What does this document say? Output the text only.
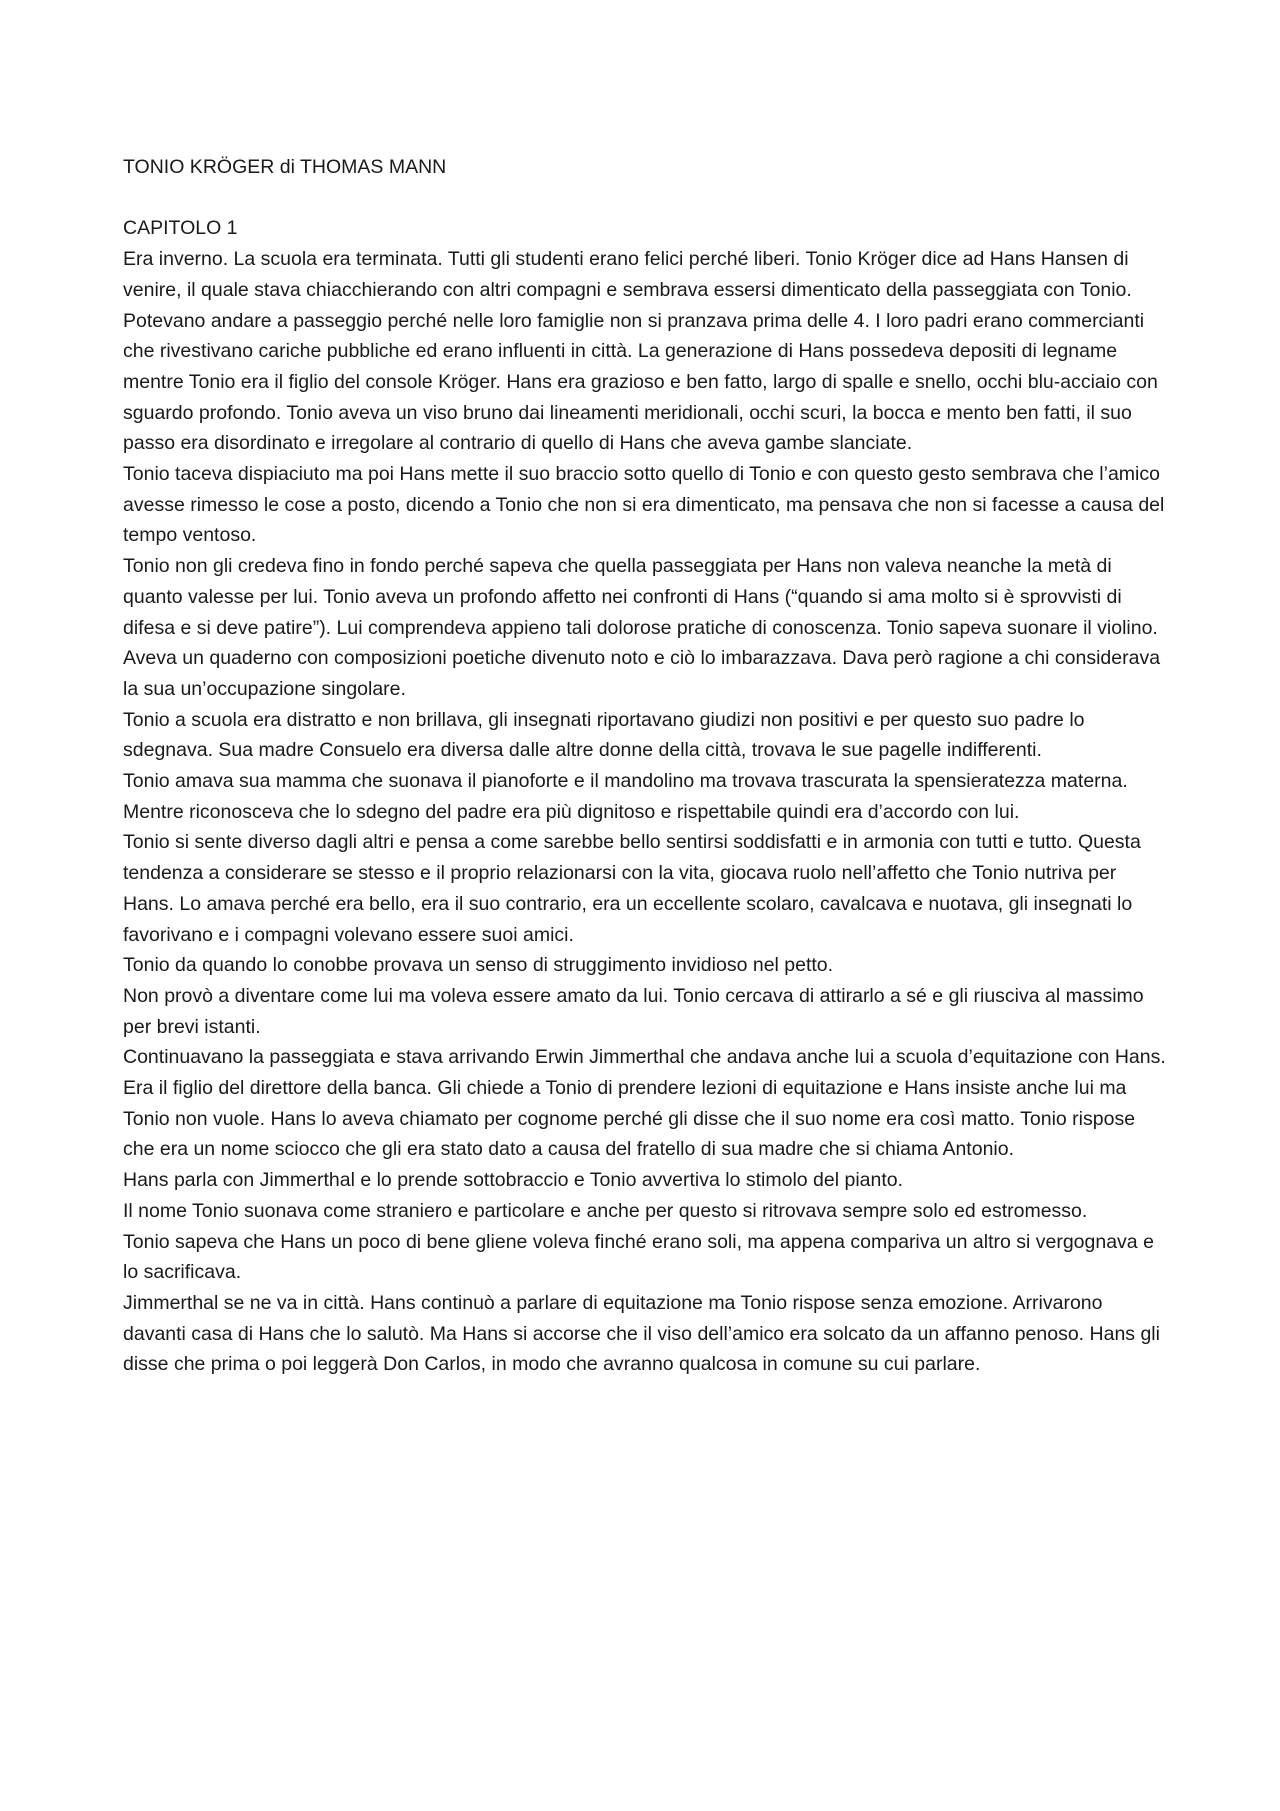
TONIO KRÖGER di THOMAS MANN

CAPITOLO 1

Era inverno. La scuola era terminata. Tutti gli studenti erano felici perché liberi. Tonio Kröger dice ad Hans Hansen di venire, il quale stava chiacchierando con altri compagni e sembrava essersi dimenticato della passeggiata con Tonio. Potevano andare a passeggio perché nelle loro famiglie non si pranzava prima delle 4. I loro padri erano commercianti che rivestivano cariche pubbliche ed erano influenti in città. La generazione di Hans possedeva depositi di legname mentre Tonio era il figlio del console Kröger. Hans era grazioso e ben fatto, largo di spalle e snello, occhi blu-acciaio con sguardo profondo. Tonio aveva un viso bruno dai lineamenti meridionali, occhi scuri, la bocca e mento ben fatti, il suo passo era disordinato e irregolare al contrario di quello di Hans che aveva gambe slanciate.

Tonio taceva dispiaciuto ma poi Hans mette il suo braccio sotto quello di Tonio e con questo gesto sembrava che l’amico avesse rimesso le cose a posto, dicendo a Tonio che non si era dimenticato, ma pensava che non si facesse a causa del tempo ventoso.

Tonio non gli credeva fino in fondo perché sapeva che quella passeggiata per Hans non valeva neanche la metà di quanto valesse per lui. Tonio aveva un profondo affetto nei confronti di Hans (“quando si ama molto si è sprovvisti di difesa e si deve patire”). Lui comprendeva appieno tali dolorose pratiche di conoscenza. Tonio sapeva suonare il violino.

Aveva un quaderno con composizioni poetiche divenuto noto e ciò lo imbarazzava. Dava però ragione a chi considerava la sua un’occupazione singolare.

Tonio a scuola era distratto e non brillava, gli insegnati riportavano giudizi non positivi e per questo suo padre lo sdegnava. Sua madre Consuelo era diversa dalle altre donne della città, trovava le sue pagelle indifferenti.

Tonio amava sua mamma che suonava il pianoforte e il mandolino ma trovava trascurata la spensieratezza materna. Mentre riconosceva che lo sdegno del padre era più dignitoso e rispettabile quindi era d’accordo con lui.

Tonio si sente diverso dagli altri e pensa a come sarebbe bello sentirsi soddisfatti e in armonia con tutti e tutto. Questa tendenza a considerare se stesso e il proprio relazionarsi con la vita, giocava ruolo nell’affetto che Tonio nutriva per Hans. Lo amava perché era bello, era il suo contrario, era un eccellente scolaro, cavalcava e nuotava, gli insegnati lo favorivano e i compagni volevano essere suoi amici.

Tonio da quando lo conobbe provava un senso di struggimento invidioso nel petto.

Non provò a diventare come lui ma voleva essere amato da lui. Tonio cercava di attirarlo a sé e gli riusciva al massimo per brevi istanti.

Continuavano la passeggiata e stava arrivando Erwin Jimmerthal che andava anche lui a scuola d’equitazione con Hans. Era il figlio del direttore della banca. Gli chiede a Tonio di prendere lezioni di equitazione e Hans insiste anche lui ma Tonio non vuole. Hans lo aveva chiamato per cognome perché gli disse che il suo nome era così matto. Tonio rispose che era un nome sciocco che gli era stato dato a causa del fratello di sua madre che si chiama Antonio.

Hans parla con Jimmerthal e lo prende sottobraccio e Tonio avvertiva lo stimolo del pianto.

Il nome Tonio suonava come straniero e particolare e anche per questo si ritrovava sempre solo ed estromesso.

Tonio sapeva che Hans un poco di bene gliene voleva finché erano soli, ma appena compariva un altro si vergognava e lo sacrificava.

Jimmerthal se ne va in città. Hans continuò a parlare di equitazione ma Tonio rispose senza emozione. Arrivarono davanti casa di Hans che lo salutò. Ma Hans si accorse che il viso dell’amico era solcato da un affanno penoso. Hans gli disse che prima o poi leggerà Don Carlos, in modo che avranno qualcosa in comune su cui parlare.
